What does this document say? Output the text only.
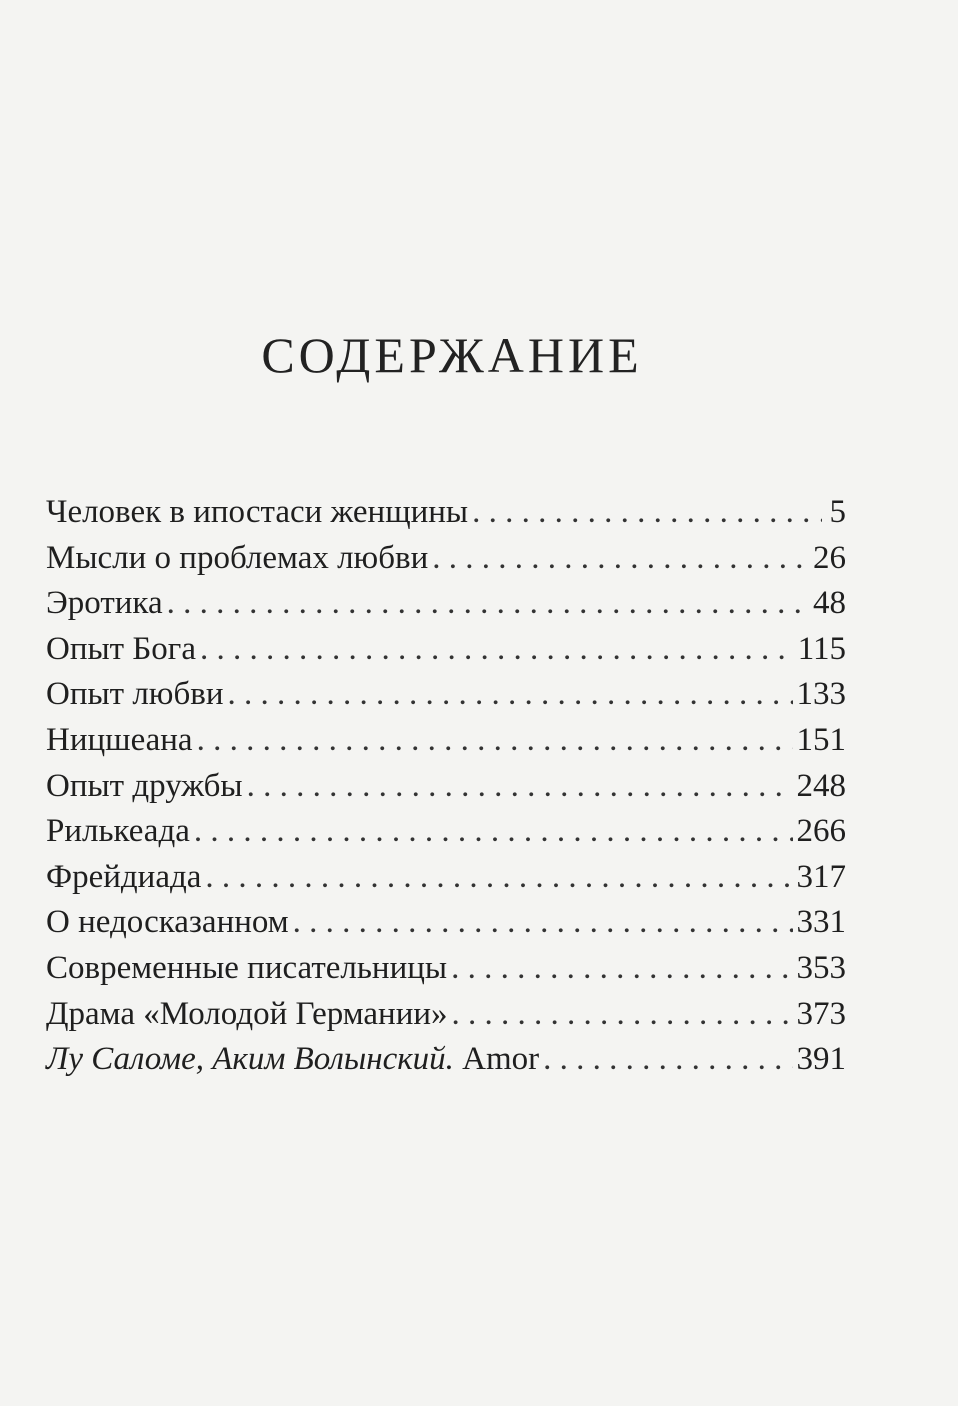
СОДЕРЖАНИЕ
Человек в ипостаси женщины . . .	5
Мысли о проблемах любви . . .	26
Эротика . . .	48
Опыт Бога . . .	115
Опыт любви . . .	133
Ницшеана . . .	151
Опыт дружбы . . .	248
Рилькеада . . .	266
Фрейдиада . . .	317
О недосказанном . . .	331
Современные писательницы . . .	353
Драма «Молодой Германии» . . .	373
Лу Саломе, Аким Волынский. Amor . . .	391
